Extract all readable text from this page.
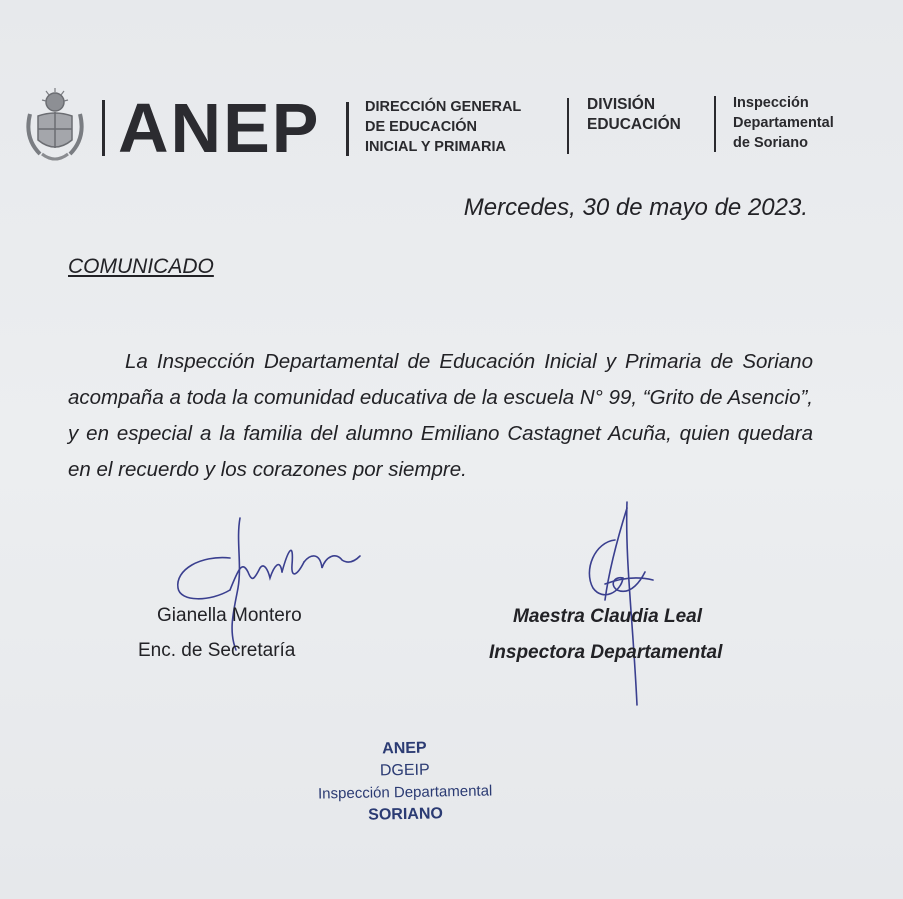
ANEP	DIRECCIÓN GENERAL
DE EDUCACIÓN
INICIAL Y PRIMARIA
DIVISIÓN
EDUCACIÓN
Inspección
Departamental
de Soriano
Mercedes, 30 de mayo de 2023.
COMUNICADO

La Inspección Departamental de Educación Inicial y Primaria de Soriano acompaña a toda la comunidad educativa de la escuela N° 99, “Grito de Asencio”, y en especial a la familia del alumno Emiliano Castagnet Acuña, quien quedara en el recuerdo y los corazones por siempre.

Gianella Montero
Enc. de Secretaría
Maestra Claudia Leal
Inspectora Departamental
ANEP
DGEIP
Inspección Departamental
SORIANO
